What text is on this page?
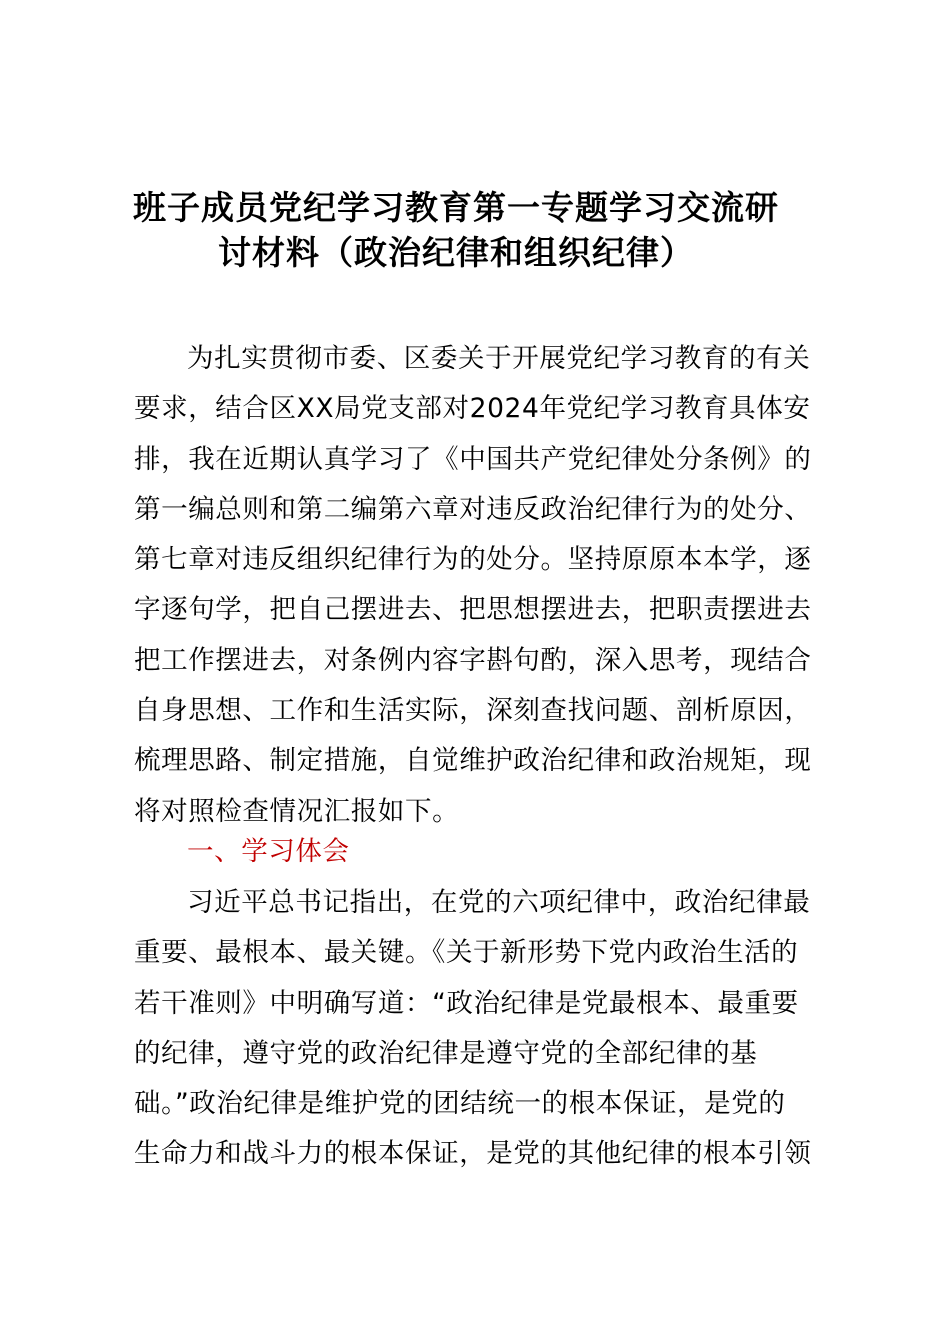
班子成员党纪学习教育第一专题学习交流研
讨材料（政治纪律和组织纪律）
为扎实贯彻市委、区委关于开展党纪学习教育的有关
要求，结合区XX局党支部对2024年党纪学习教育具体安
排，我在近期认真学习了《中国共产党纪律处分条例》的
第一编总则和第二编第六章对违反政治纪律行为的处分、
第七章对违反组织纪律行为的处分。坚持原原本本学，逐
字逐句学，把自己摆进去、把思想摆进去，把职责摆进去
把工作摆进去，对条例内容字斟句酌，深入思考，现结合
自身思想、工作和生活实际，深刻查找问题、剖析原因，
梳理思路、制定措施，自觉维护政治纪律和政治规矩，现
将对照检查情况汇报如下。
一、学习体会
习近平总书记指出，在党的六项纪律中，政治纪律最
重要、最根本、最关键。《关于新形势下党内政治生活的
若干准则》中明确写道：“政治纪律是党最根本、最重要
的纪律，遵守党的政治纪律是遵守党的全部纪律的基
础。”政治纪律是维护党的团结统一的根本保证，是党的
生命力和战斗力的根本保证，是党的其他纪律的根本引领
